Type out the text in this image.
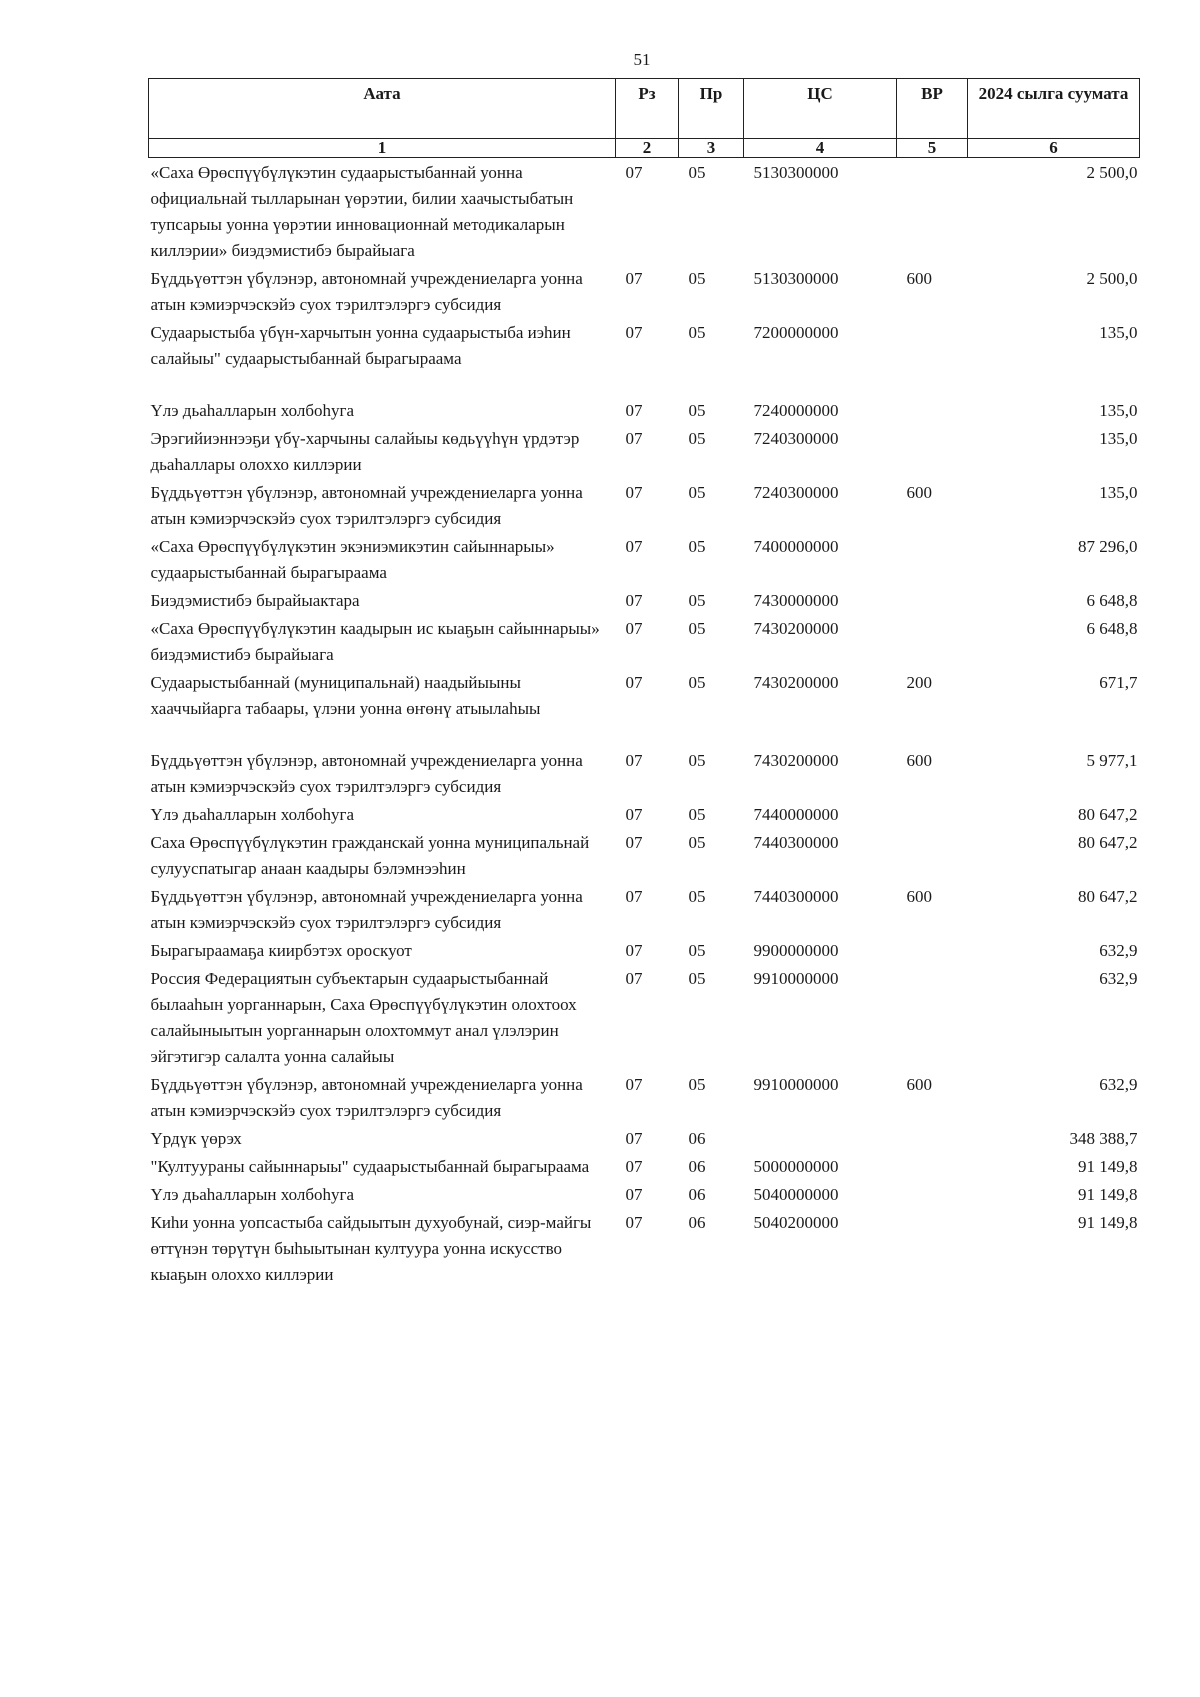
51
Аата	Рз	Пр	ЦС	ВР	2024 сылга суумата
1	2	3	4	5	6
«Саха Өрөспүүбүлүкэтин судаарыстыбаннай уонна официальнай тылларынан үөрэтии, билии хаачыстыбатын тупсарыы уонна үөрэтии инновационнай методикаларын киллэрии» биэдэмистибэ бырайыага	07	05	5130300000		2 500,0
Бүддьүөттэн үбүлэнэр, автономнай учреждениеларга уонна атын кэмиэрчэскэйэ суох тэрилтэлэргэ субсидия	07	05	5130300000	600	2 500,0
Судаарыстыба үбүн-харчытын уонна судаарыстыба иэһин салайыы" судаарыстыбаннай бырагыраама	07	05	7200000000		135,0
Үлэ дьаһалларын холбоһуга	07	05	7240000000		135,0
Эрэгийиэннээҕи үбү-харчыны салайыы көдьүүһүн үрдэтэр дьаһаллары олоххо киллэрии	07	05	7240300000		135,0
Бүддьүөттэн үбүлэнэр, автономнай учреждениеларга уонна атын кэмиэрчэскэйэ суох тэрилтэлэргэ субсидия	07	05	7240300000	600	135,0
«Саха Өрөспүүбүлүкэтин экэниэмикэтин сайыннарыы» судаарыстыбаннай бырагыраама	07	05	7400000000		87 296,0
Биэдэмистибэ бырайыактара	07	05	7430000000		6 648,8
«Саха Өрөспүүбүлүкэтин каадырын ис кыаҕын сайыннарыы» биэдэмистибэ бырайыага	07	05	7430200000		6 648,8
Судаарыстыбаннай (муниципальнай) наадыйыыны хааччыйарга табаары, үлэни уонна өҥөнү атыылаһыы	07	05	7430200000	200	671,7
Бүддьүөттэн үбүлэнэр, автономнай учреждениеларга уонна атын кэмиэрчэскэйэ суох тэрилтэлэргэ субсидия	07	05	7430200000	600	5 977,1
Үлэ дьаһалларын холбоһуга	07	05	7440000000		80 647,2
Саха Өрөспүүбүлүкэтин гражданскай уонна муниципальнай сулууспатыгар анаан каадыры бэлэмнээһин	07	05	7440300000		80 647,2
Бүддьүөттэн үбүлэнэр, автономнай учреждениеларга уонна атын кэмиэрчэскэйэ суох тэрилтэлэргэ субсидия	07	05	7440300000	600	80 647,2
Бырагыраамаҕа киирбэтэх ороскуот	07	05	9900000000		632,9
Россия Федерациятын субъектарын судаарыстыбаннай былааһын уорганнарын, Саха Өрөспүүбүлүкэтин олохтоох салайыныытын уорганнарын олохтоммут анал үлэлэрин эйгэтигэр салалта уонна салайыы	07	05	9910000000		632,9
Бүддьүөттэн үбүлэнэр, автономнай учреждениеларга уонна атын кэмиэрчэскэйэ суох тэрилтэлэргэ субсидия	07	05	9910000000	600	632,9
Үрдүк үөрэх	07	06			348 388,7
"Култуураны сайыннарыы" судаарыстыбаннай бырагыраама	07	06	5000000000		91 149,8
Үлэ дьаһалларын холбоһуга	07	06	5040000000		91 149,8
Киһи уонна уопсастыба сайдыытын духуобунай, сиэр-майгы өттүнэн төрүтүн быһыытынан култуура уонна искусство кыаҕын олоххо киллэрии	07	06	5040200000		91 149,8
